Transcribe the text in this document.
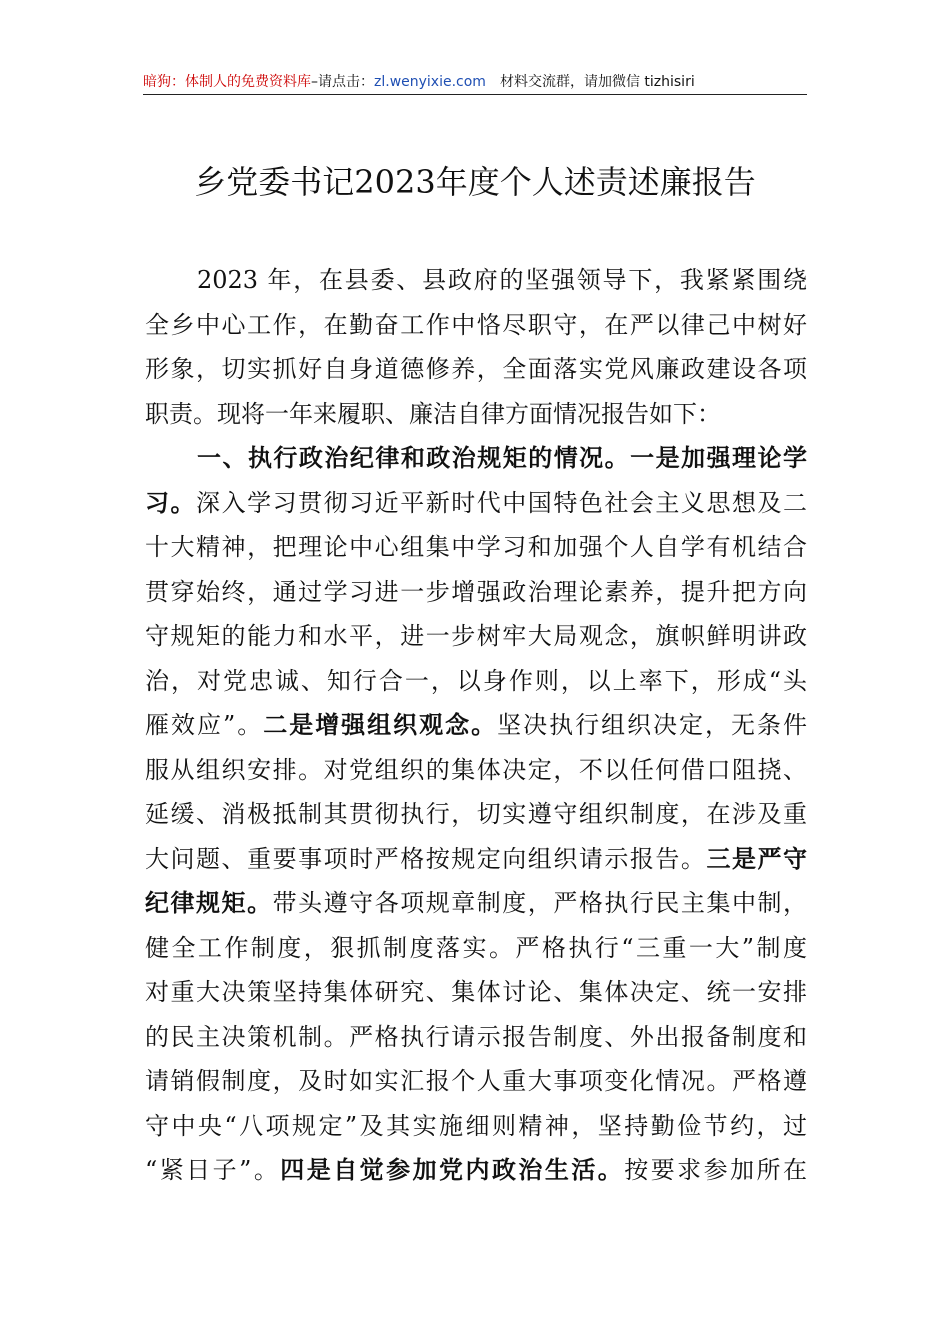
暗狗：体制人的免费资料库–请点击：zl.wenyixie.com 材料交流群，请加微信 tizhisiri
乡党委书记2023年度个人述责述廉报告
2023 年，在县委、县政府的坚强领导下，我紧紧围绕
全乡中心工作，在勤奋工作中恪尽职守，在严以律己中树好
形象，切实抓好自身道德修养，全面落实党风廉政建设各项
职责。现将一年来履职、廉洁自律方面情况报告如下：
一、执行政治纪律和政治规矩的情况。一是加强理论学
习。深入学习贯彻习近平新时代中国特色社会主义思想及二
十大精神，把理论中心组集中学习和加强个人自学有机结合
贯穿始终，通过学习进一步增强政治理论素养，提升把方向
守规矩的能力和水平，进一步树牢大局观念，旗帜鲜明讲政
治，对党忠诚、知行合一，以身作则，以上率下，形成“头
雁效应”。二是增强组织观念。坚决执行组织决定，无条件
服从组织安排。对党组织的集体决定，不以任何借口阻挠、
延缓、消极抵制其贯彻执行，切实遵守组织制度，在涉及重
大问题、重要事项时严格按规定向组织请示报告。三是严守
纪律规矩。带头遵守各项规章制度，严格执行民主集中制，
健全工作制度，狠抓制度落实。严格执行“三重一大”制度
对重大决策坚持集体研究、集体讨论、集体决定、统一安排
的民主决策机制。严格执行请示报告制度、外出报备制度和
请销假制度，及时如实汇报个人重大事项变化情况。严格遵
守中央“八项规定”及其实施细则精神，坚持勤俭节约，过
“紧日子”。四是自觉参加党内政治生活。按要求参加所在
